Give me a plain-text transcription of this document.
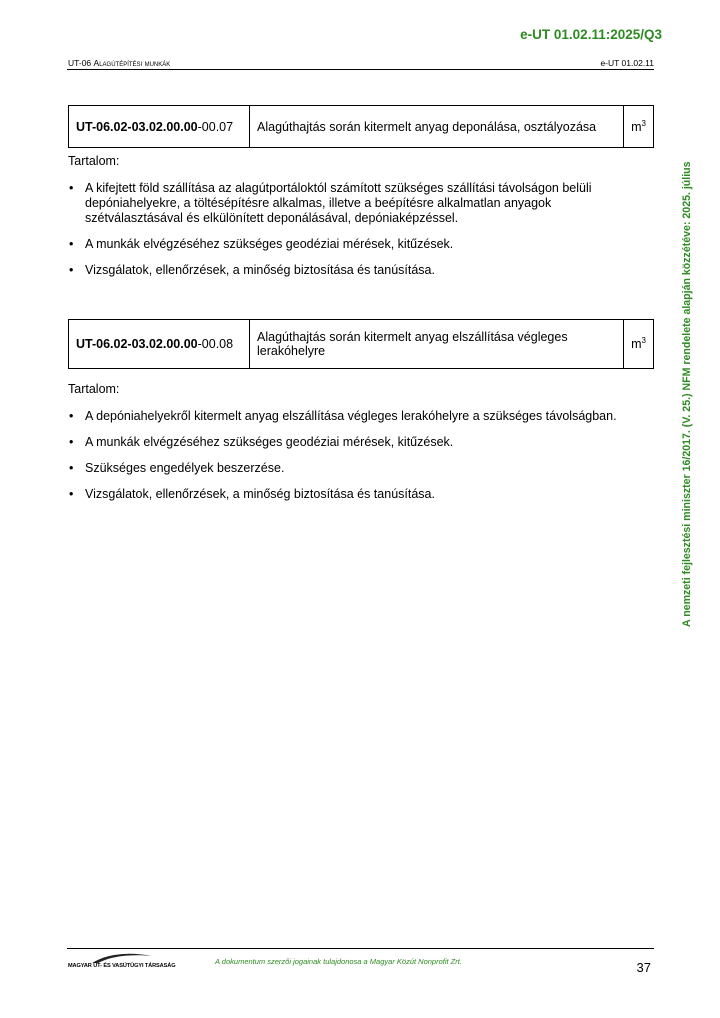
e-UT 01.02.11:2025/Q3
UT-06 Alagútépítési munkák	e-UT 01.02.11
UT-06.02-03.02.00.00-00.07	Alagúthajtás során kitermelt anyag deponálása, osztályozása	$m^3$
Tartalom:
• A kifejtett föld szállítása az alagútportáloktól számított szükséges szállítási távolságon belüli depóniahelyekre, a töltésépítésre alkalmas, illetve a beépítésre alkalmatlan anyagok szétválasztásával és elkülönített deponálásával, depóniaképzéssel.
• A munkák elvégzéséhez szükséges geodéziai mérések, kitűzések.
• Vizsgálatok, ellenőrzések, a minőség biztosítása és tanúsítása.
UT-06.02-03.02.00.00-00.08	Alagúthajtás során kitermelt anyag elszállítása végleges lerakóhelyre	$m^3$
Tartalom:
• A depóniahelyekről kitermelt anyag elszállítása végleges lerakóhelyre a szükséges távolságban.
• A munkák elvégzéséhez szükséges geodéziai mérések, kitűzések.
• Szükséges engedélyek beszerzése.
• Vizsgálatok, ellenőrzések, a minőség biztosítása és tanúsítása.	A nemzeti fejlesztési miniszter 16/2017. (V. 25.) NFM rendelete alapján közzétéve: 2025. július
MAGYAR ÚT- ÉS VASÚTÜGYI TÁRSASÁG	A dokumentum szerzői jogainak tulajdonosa a Magyar Közút Nonprofit Zrt.	37
